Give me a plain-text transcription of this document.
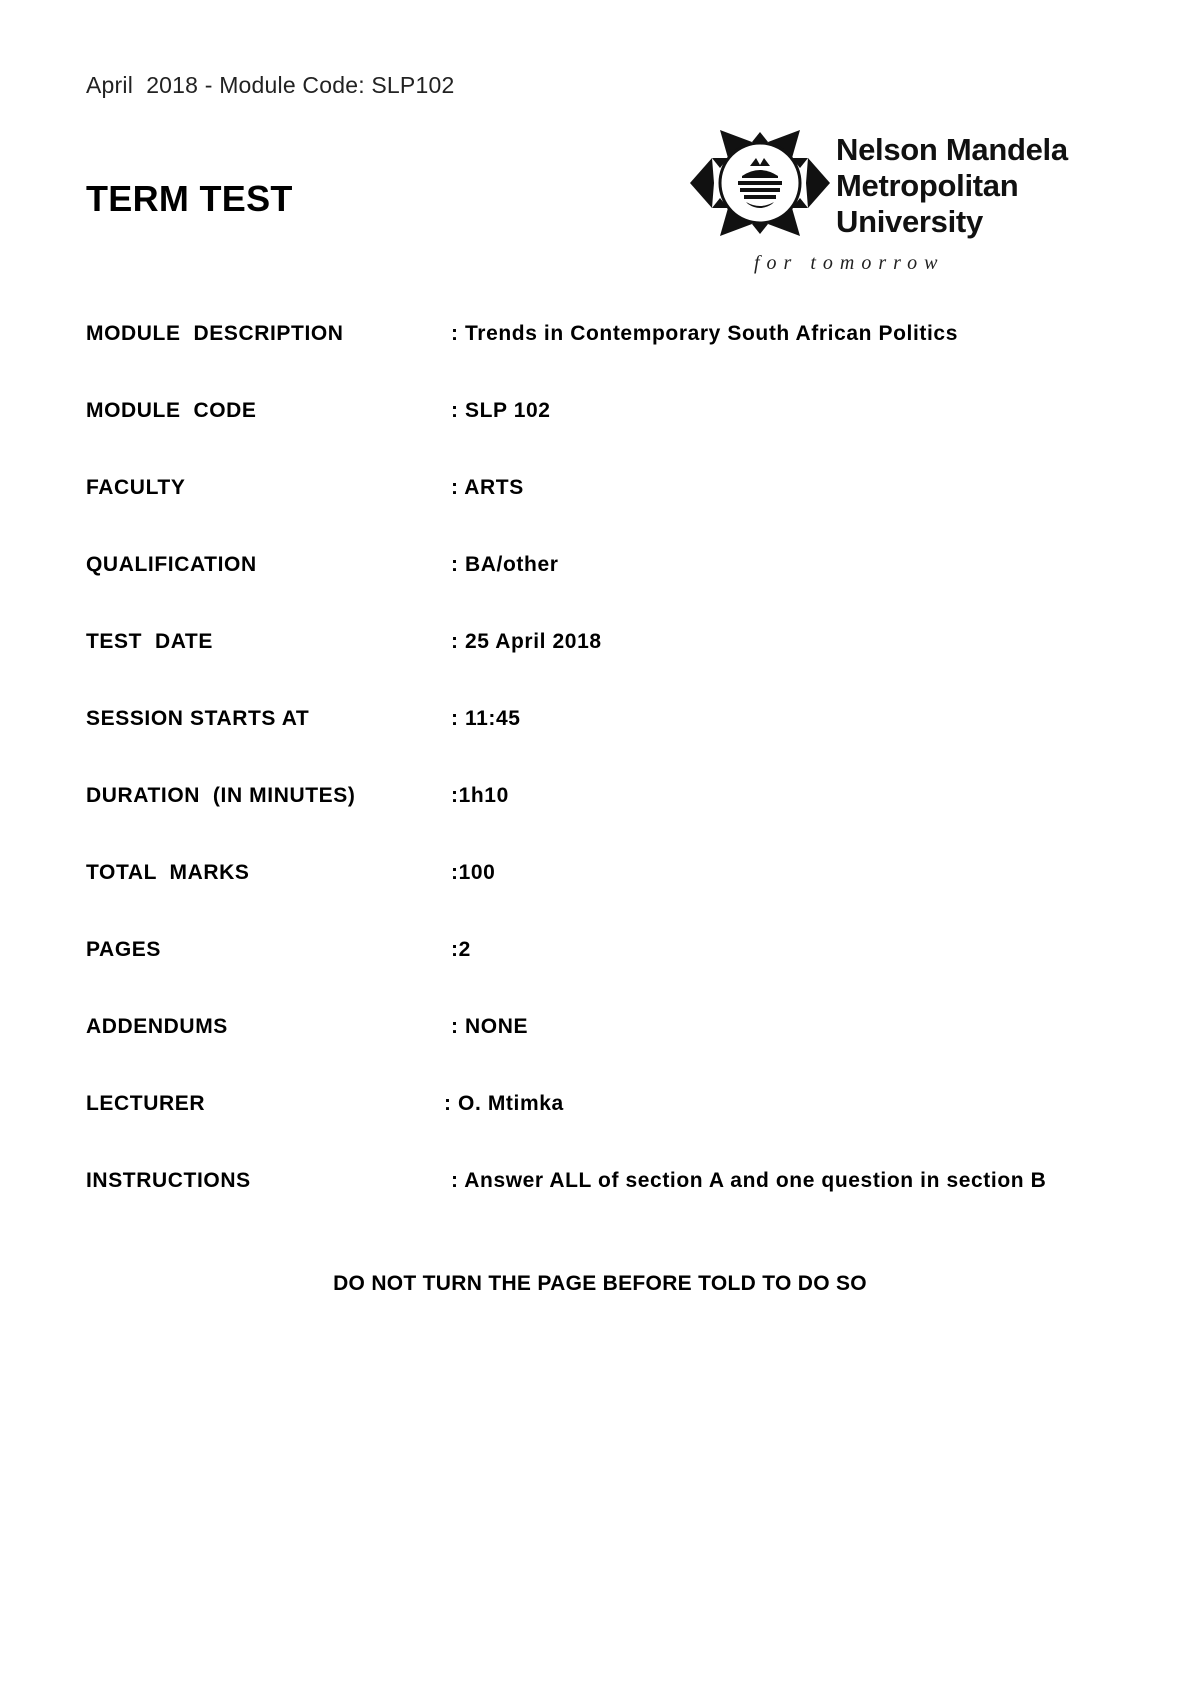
April  2018 - Module Code: SLP102
TERM TEST
Nelson Mandela
Metropolitan
University
for tomorrow
MODULE  DESCRIPTION	: Trends in Contemporary South African Politics
MODULE  CODE	: SLP 102
FACULTY	: ARTS
QUALIFICATION	: BA/other
TEST  DATE	: 25 April 2018
SESSION STARTS AT	: 11:45
DURATION  (IN MINUTES)	:1h10
TOTAL  MARKS	:100
PAGES	:2
ADDENDUMS	: NONE
LECTURER	: O. Mtimka
INSTRUCTIONS	: Answer ALL of section A and one question in section B
DO NOT TURN THE PAGE BEFORE TOLD TO DO SO
